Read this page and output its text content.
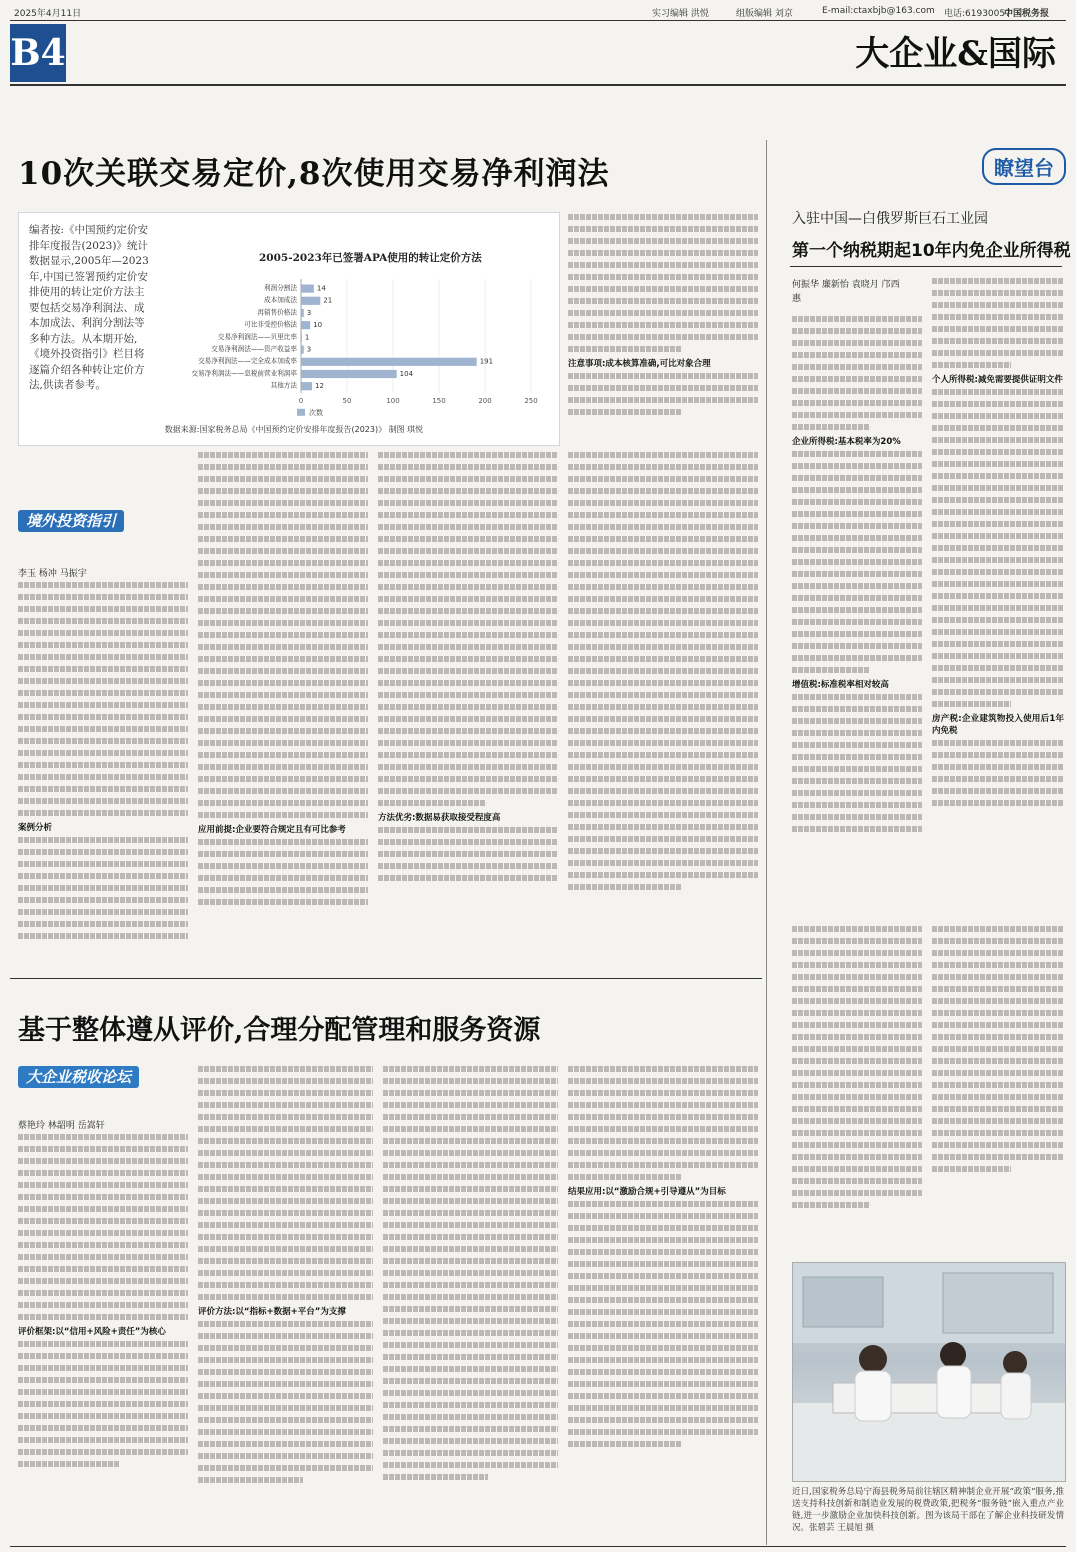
2025年4月11日	实习编辑 洪悦	组版编辑 刘京	E-mail:ctaxbjb@163.com 电话:61930057
中国税务报
B4	大企业&国际
10次关联交易定价,8次使用交易净利润法
编者按:《中国预约定价安排年度报告(2023)》统计数据显示,2005年—2023年,中国已签署预约定价安排使用的转让定价方法主要包括交易净利润法、成本加成法、利润分割法等多种方法。从本期开始,《境外投资指引》栏目将逐篇介绍各种转让定价方法,供读者参考。
2005-2023年已签署APA使用的转让定价方法
0	50	100	150	200	250
利润分割法	14
成本加成法	21
再销售价格法 3
可比非受控价格法 10
交易净利润法——贝里比率 1
交易净利润法——资产收益率 3
交易净利润法——完全成本加成率	191
交易净利润法——息税前营业利润率	104
其他方法	12
次数
数据来源:国家税务总局《中国预约定价安排年度报告(2023)》 制图 琪悦

注意事项:成本核算准确,可比对象合理

境外投资指引
李玉 杨冲 马振宇

案例分析	应用前提:企业要符合规定且有可比参考

方法优劣:数据易获取接受程度高

基于整体遵从评价,合理分配管理和服务资源
大企业税收论坛
蔡艳玲 林韶明 岳嵩轩

评价框架:以“信用+风险+责任”为核心

评价方法:以“指标+数据+平台”为支撑

结果应用:以“激励合规+引导遵从”为目标

瞭望台
入驻中国—白俄罗斯巨石工业园
第一个纳税期起10年内免企业所得税
何振华 廉新怡 袁晓月 邝西惠

企业所得税:基本税率为20%

增值税:标准税率相对较高

个人所得税:减免需要提供证明文件

房产税:企业建筑物投入使用后1年内免税

近日,国家税务总局宁海县税务局前往辖区精神制企业开展“政策”服务,推送支持科技创新和制造业发展的税费政策,把税务“服务链”嵌入重点产业链,进一步激励企业加快科技创新。图为该局干部在了解企业科技研发情况。张碧芸 王晨旭 摄
